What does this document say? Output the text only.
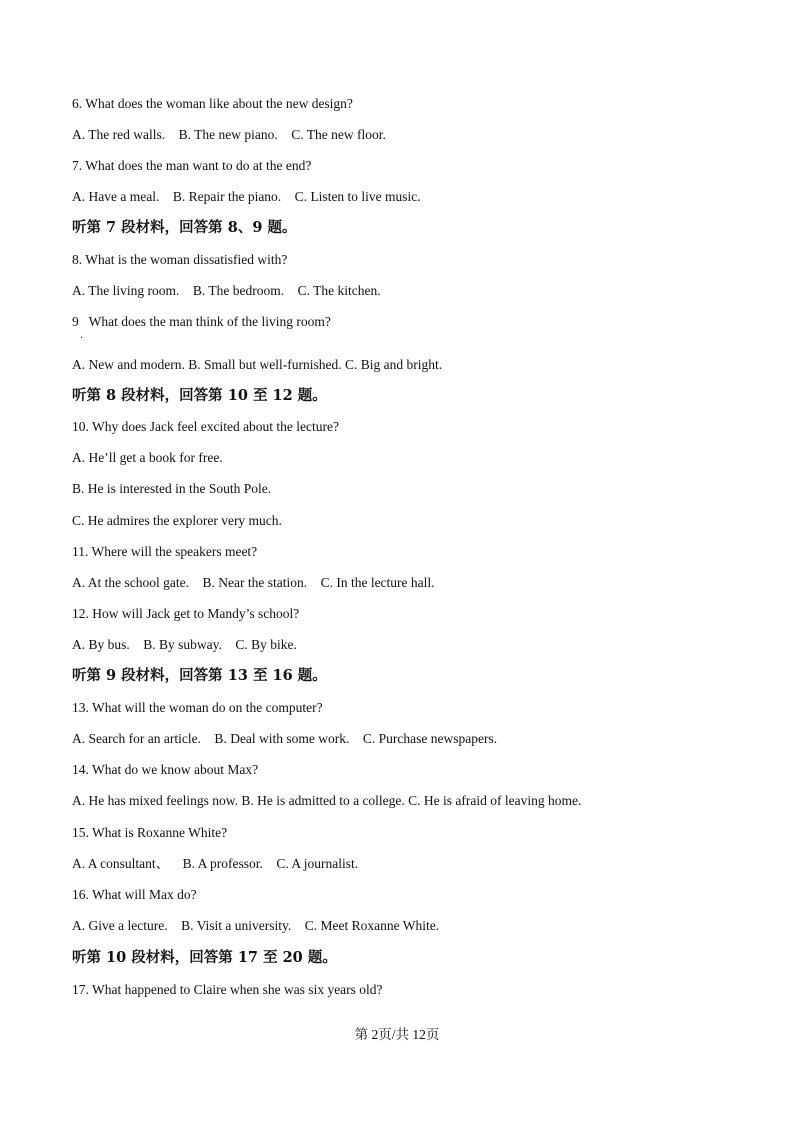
6. What does the woman like about the new design?
A. The red walls.    B. The new piano.    C. The new floor.
7. What does the man want to do at the end?
A. Have a meal.    B. Repair the piano.    C. Listen to live music.
听第 7 段材料，回答第 8、9 题。
8. What is the woman dissatisfied with?
A. The living room.    B. The bedroom.    C. The kitchen.
9   What does the man think of the living room?
·
A. New and modern. B. Small but well-furnished. C. Big and bright.
听第 8 段材料，回答第 10 至 12 题。
10. Why does Jack feel excited about the lecture?
A. He’ll get a book for free.
B. He is interested in the South Pole.
C. He admires the explorer very much.
11. Where will the speakers meet?
A. At the school gate.    B. Near the station.    C. In the lecture hall.
12. How will Jack get to Mandy’s school?
A. By bus.    B. By subway.    C. By bike.
听第 9 段材料，回答第 13 至 16 题。
13. What will the woman do on the computer?
A. Search for an article.    B. Deal with some work.    C. Purchase newspapers.
14. What do we know about Max?
A. He has mixed feelings now. B. He is admitted to a college. C. He is afraid of leaving home.
15. What is Roxanne White?
A. A consultant、    B. A professor.    C. A journalist.
16. What will Max do?
A. Give a lecture.    B. Visit a university.    C. Meet Roxanne White.
听第 10 段材料，回答第 17 至 20 题。
17. What happened to Claire when she was six years old?
第 2页/共 12页
